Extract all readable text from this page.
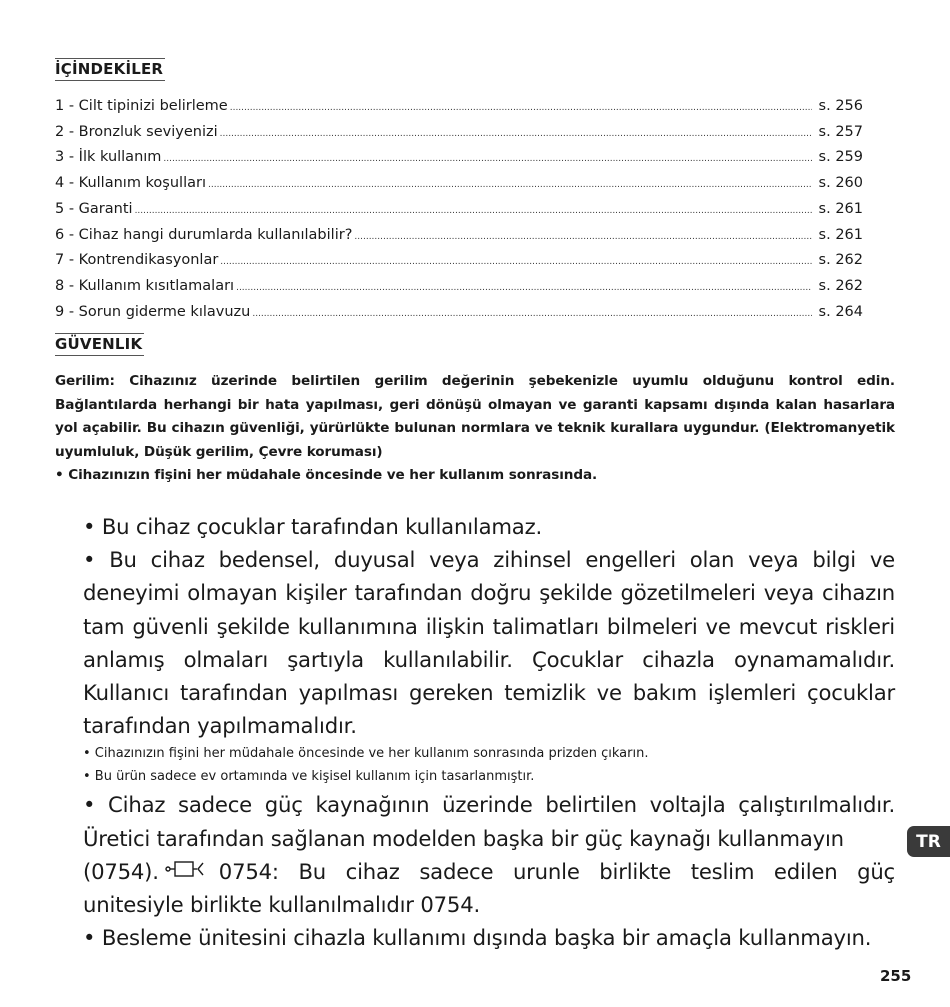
İÇİNDEKİLER
1 - Cilt tipinizi belirleme .....	s. 256
2 - Bronzluk seviyenizi .....	s. 257
3 - İlk kullanım .....	s. 259
4 - Kullanım koşulları .....	s. 260
5 - Garanti .....	s. 261
6 - Cihaz hangi durumlarda kullanılabilir? .....	s. 261
7 - Kontrendikasyonlar .....	s. 262
8 - Kullanım kısıtlamaları .....	s. 262
9 - Sorun giderme kılavuzu .....	s. 264
GÜVENLIK

Gerilim: Cihazınız üzerinde belirtilen gerilim değerinin şebekenizle uyumlu olduğunu kontrol edin. Bağlantılarda herhangi bir hata yapılması, geri dönüşü olmayan ve garanti kapsamı dışında kalan hasarlara yol açabilir. Bu cihazın güvenliği, yürürlükte bulunan normlara ve teknik kurallara uygundur. (Elektromanyetik uyumluluk, Düşük gerilim, Çevre koruması)

• Cihazınızın fişini her müdahale öncesinde ve her kullanım sonrasında.

• Bu cihaz çocuklar tarafından kullanılamaz.

• Bu cihaz bedensel, duyusal veya zihinsel engelleri olan veya bilgi ve deneyimi olmayan kişiler tarafından doğru şekilde gözetilmeleri veya cihazın tam güvenli şekilde kullanımına ilişkin talimatları bilmeleri ve mevcut riskleri anlamış olmaları şartıyla kullanılabilir. Çocuklar cihazla oynamamalıdır. Kullanıcı tarafından yapılması gereken temizlik ve bakım işlemleri çocuklar tarafından yapılmamalıdır.

• Cihazınızın fişini her müdahale öncesinde ve her kullanım sonrasında prizden çıkarın.

• Bu ürün sadece ev ortamında ve kişisel kullanım için tasarlanmıştır.

• Cihaz sadece güç kaynağının üzerinde belirtilen voltajla çalıştırılmalıdır. Üretici tarafından sağlanan modelden başka bir güç kaynağı kullanmayın

(0754).	0754: Bu cihaz sadece urunle birlikte teslim edilen güç

unitesiyle birlikte kullanılmalıdır 0754.

• Besleme ünitesini cihazla kullanımı dışında başka bir amaçla kullanmayın.

TR
255
